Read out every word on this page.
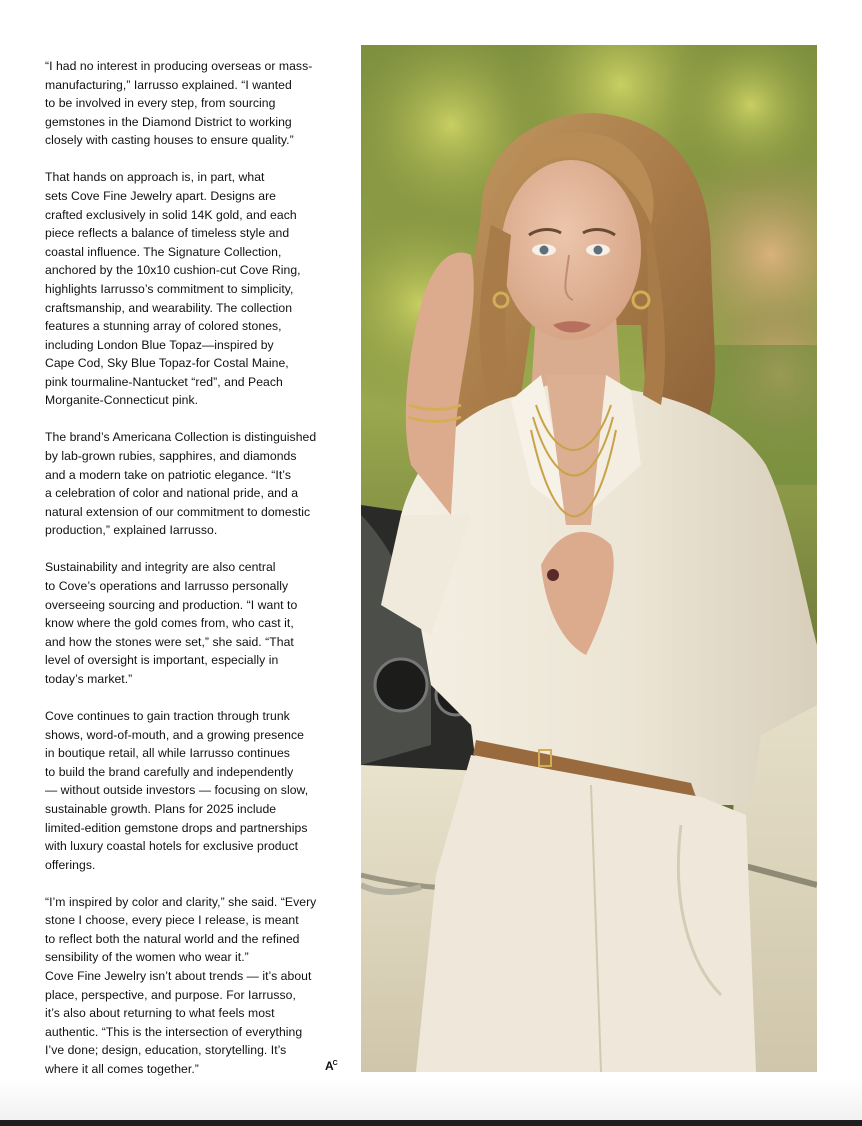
“I had no interest in producing overseas or mass-
manufacturing,” Iarrusso explained. “I wanted
to be involved in every step, from sourcing
gemstones in the Diamond District to working
closely with casting houses to ensure quality.”

That hands on approach is, in part, what
sets Cove Fine Jewelry apart. Designs are
crafted exclusively in solid 14K gold, and each
piece reflects a balance of timeless style and
coastal influence. The Signature Collection,
anchored by the 10x10 cushion-cut Cove Ring,
highlights Iarrusso’s commitment to simplicity,
craftsmanship, and wearability. The collection
features a stunning array of colored stones,
including London Blue Topaz—inspired by
Cape Cod, Sky Blue Topaz-for Costal Maine,
pink tourmaline-Nantucket “red”, and Peach
Morganite-Connecticut pink.

The brand’s Americana Collection is distinguished
by lab-grown rubies, sapphires, and diamonds
and a modern take on patriotic elegance. “It’s
a celebration of color and national pride, and a
natural extension of our commitment to domestic
production,” explained Iarrusso.

Sustainability and integrity are also central
to Cove’s operations and Iarrusso personally
overseeing sourcing and production. “I want to
know where the gold comes from, who cast it,
and how the stones were set,” she said. “That
level of oversight is important, especially in
today’s market.”

Cove continues to gain traction through trunk
shows, word-of-mouth, and a growing presence
in boutique retail, all while Iarrusso continues
to build the brand carefully and independently
— without outside investors — focusing on slow,
sustainable growth. Plans for 2025 include
limited-edition gemstone drops and partnerships
with luxury coastal hotels for exclusive product
offerings.

“I’m inspired by color and clarity,” she said. “Every
stone I choose, every piece I release, is meant
to reflect both the natural world and the refined
sensibility of the women who wear it.”
Cove Fine Jewelry isn’t about trends — it’s about
place, perspective, and purpose. For Iarrusso,
it’s also about returning to what feels most
authentic. “This is the intersection of everything
I’ve done; design, education, storytelling. It’s
where it all comes together.”	$A^C$
